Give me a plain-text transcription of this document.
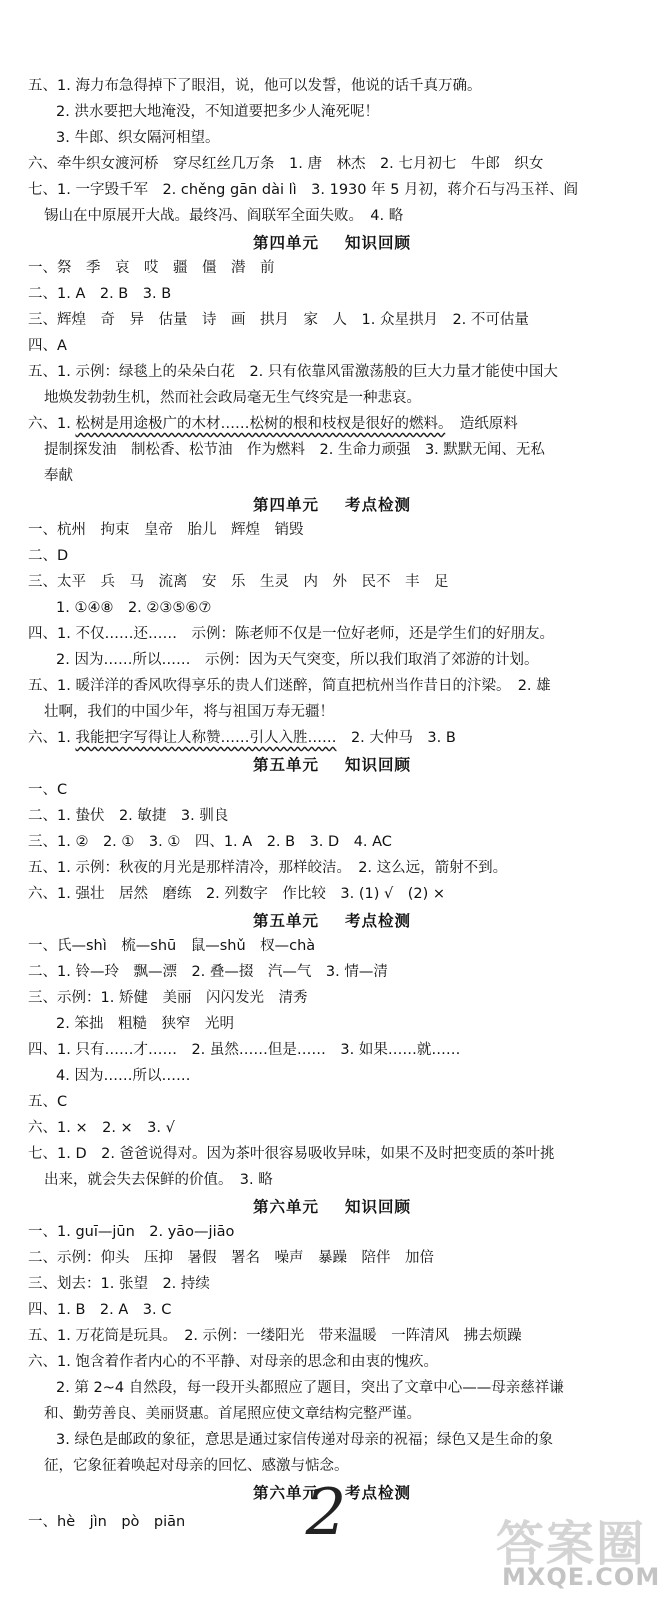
五、1. 海力布急得掉下了眼泪，说，他可以发誓，他说的话千真万确。
2. 洪水要把大地淹没，不知道要把多少人淹死呢！
3. 牛郎、织女隔河相望。
六、牵牛织女渡河桥　穿尽红丝几万条　1. 唐　林杰　2. 七月初七　牛郎　织女
七、1. 一字毁千军　2. chěng gān dài lì　3. 1930 年 5 月初，蒋介石与冯玉祥、阎
锡山在中原展开大战。最终冯、阎联军全面失败。　4. 略
第四单元 知识回顾
一、祭　季　哀　哎　疆　僵　潜　前
二、1. A　2. B　3. B
三、辉煌　奇　异　估量　诗　画　拱月　家　人　1. 众星拱月　2. 不可估量
四、A
五、1. 示例：绿毯上的朵朵白花　2. 只有依靠风雷激荡般的巨大力量才能使中国大
地焕发勃勃生机，然而社会政局毫无生气终究是一种悲哀。
六、1. 松树是用途极广的木材……松树的根和枝杈是很好的燃料。　造纸原料
提制探发油　制松香、松节油　作为燃料　2. 生命力顽强　3. 默默无闻、无私
奉献
第四单元 考点检测
一、杭州　拘束　皇帝　胎儿　辉煌　销毁
二、D
三、太平　兵　马　流离　安　乐　生灵　内　外　民不　丰　足
1. ①④⑧　2. ②③⑤⑥⑦
四、1. 不仅……还……　示例：陈老师不仅是一位好老师，还是学生们的好朋友。
2. 因为……所以……　示例：因为天气突变，所以我们取消了郊游的计划。
五、1. 暖洋洋的香风吹得享乐的贵人们迷醉，简直把杭州当作昔日的汴梁。　2. 雄
壮啊，我们的中国少年，将与祖国万寿无疆！
六、1. 我能把字写得让人称赞……引人入胜……　2. 大仲马　3. B
第五单元 知识回顾
一、C
二、1. 蛰伏　2. 敏捷　3. 驯良
三、1. ②　2. ①　3. ①　四、1. A　2. B　3. D　4. AC
五、1. 示例：秋夜的月光是那样清冷，那样皎洁。　2. 这么远，箭射不到。
六、1. 强壮　居然　磨练　2. 列数字　作比较　3. (1) √　(2) ×
第五单元 考点检测
一、氏—shì　梳—shū　鼠—shǔ　杈—chà
二、1. 铃—玲　飘—漂　2. 叠—掇　汽—气　3. 情—清
三、示例：1. 矫健　美丽　闪闪发光　清秀
2. 笨拙　粗糙　狭窄　光明
四、1. 只有……才……　2. 虽然……但是……　3. 如果……就……
4. 因为……所以……
五、C
六、1. ×　2. ×　3. √
七、1. D　2. 爸爸说得对。因为茶叶很容易吸收异味，如果不及时把变质的茶叶挑
出来，就会失去保鲜的价值。　3. 略
第六单元 知识回顾
一、1. guī—jūn　2. yāo—jiāo
二、示例：仰头　压抑　暑假　署名　噪声　暴躁　陪伴　加倍
三、划去：1. 张望　2. 持续
四、1. B　2. A　3. C
五、1. 万花筒是玩具。　2. 示例：一缕阳光　带来温暖　一阵清风　拂去烦躁
六、1. 饱含着作者内心的不平静、对母亲的思念和由衷的愧疚。
2. 第 2~4 自然段，每一段开头都照应了题目，突出了文章中心——母亲慈祥谦
和、勤劳善良、美丽贤惠。首尾照应使文章结构完整严谨。
3. 绿色是邮政的象征，意思是通过家信传递对母亲的祝福；绿色又是生命的象
征，它象征着唤起对母亲的回忆、感激与惦念。
第六单元 考点检测
一、hè　jìn　pò　piān	2	答案圈
MXQE.COM
